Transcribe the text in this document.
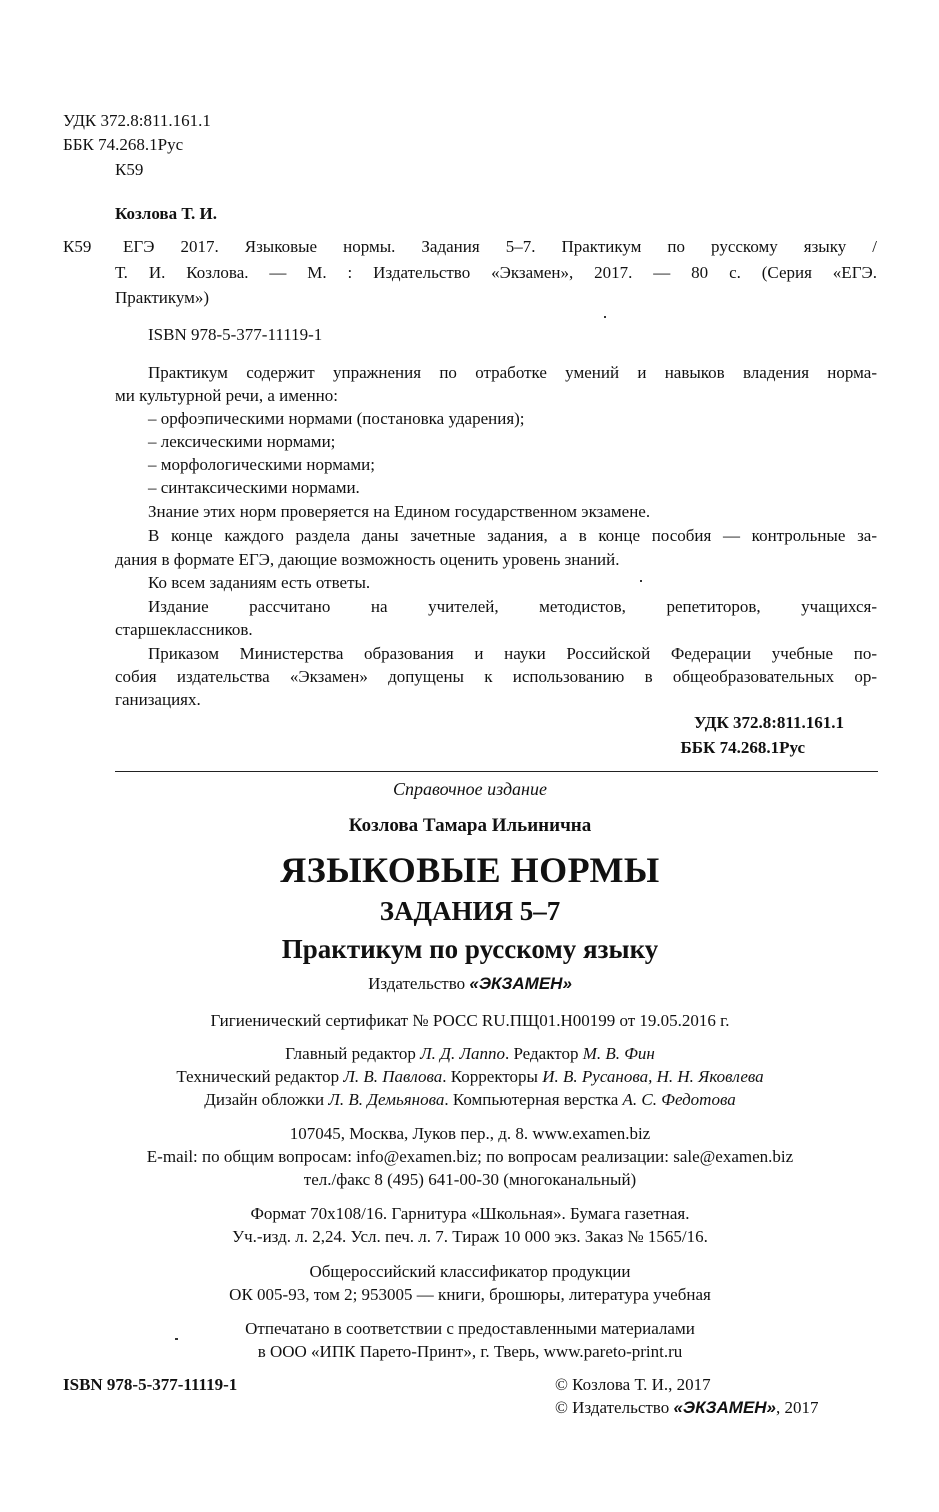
УДК 372.8:811.161.1
ББК 74.268.1Рус
К59
Козлова Т. И.
К59 ЕГЭ 2017. Языковые нормы. Задания 5–7. Практикум по русскому языку /
Т. И. Козлова. — М. : Издательство «Экзамен», 2017. — 80 с. (Серия «ЕГЭ.
Практикум»)
ISBN 978-5-377-11119-1
Практикум содержит упражнения по отработке умений и навыков владения норма-
ми культурной речи, а именно:
– орфоэпическими нормами (постановка ударения);
– лексическими нормами;
– морфологическими нормами;
– синтаксическими нормами.
Знание этих норм проверяется на Едином государственном экзамене.
В конце каждого раздела даны зачетные задания, а в конце пособия — контрольные за-
дания в формате ЕГЭ, дающие возможность оценить уровень знаний.
Ко всем заданиям есть ответы.
Издание рассчитано на учителей, методистов, репетиторов, учащихся-
старшеклассников.
Приказом Министерства образования и науки Российской Федерации учебные по-
собия издательства «Экзамен» допущены к использованию в общеобразовательных ор-
ганизациях.
УДК 372.8:811.161.1
ББК 74.268.1Рус
Справочное издание
Козлова Тамара Ильинична
ЯЗЫКОВЫЕ НОРМЫ
ЗАДАНИЯ 5–7
Практикум по русскому языку
Издательство «ЭКЗАМЕН»
Гигиенический сертификат № РОСС RU.ПЩ01.Н00199 от 19.05.2016 г.
Главный редактор Л. Д. Лаппо. Редактор М. В. Фин
Технический редактор Л. В. Павлова. Корректоры И. В. Русанова, Н. Н. Яковлева
Дизайн обложки Л. В. Демьянова. Компьютерная верстка А. С. Федотова
107045, Москва, Луков пер., д. 8. www.examen.biz
E-mail: по общим вопросам: info@examen.biz; по вопросам реализации: sale@examen.biz
тел./факс 8 (495) 641-00-30 (многоканальный)
Формат 70x108/16. Гарнитура «Школьная». Бумага газетная.
Уч.-изд. л. 2,24. Усл. печ. л. 7. Тираж 10 000 экз. Заказ № 1565/16.
Общероссийский классификатор продукции
ОК 005-93, том 2; 953005 — книги, брошюры, литература учебная
Отпечатано в соответствии с предоставленными материалами
в ООО «ИПК Парето-Принт», г. Тверь, www.pareto-print.ru
ISBN 978-5-377-11119-1	© Козлова Т. И., 2017
© Издательство «ЭКЗАМЕН», 2017
